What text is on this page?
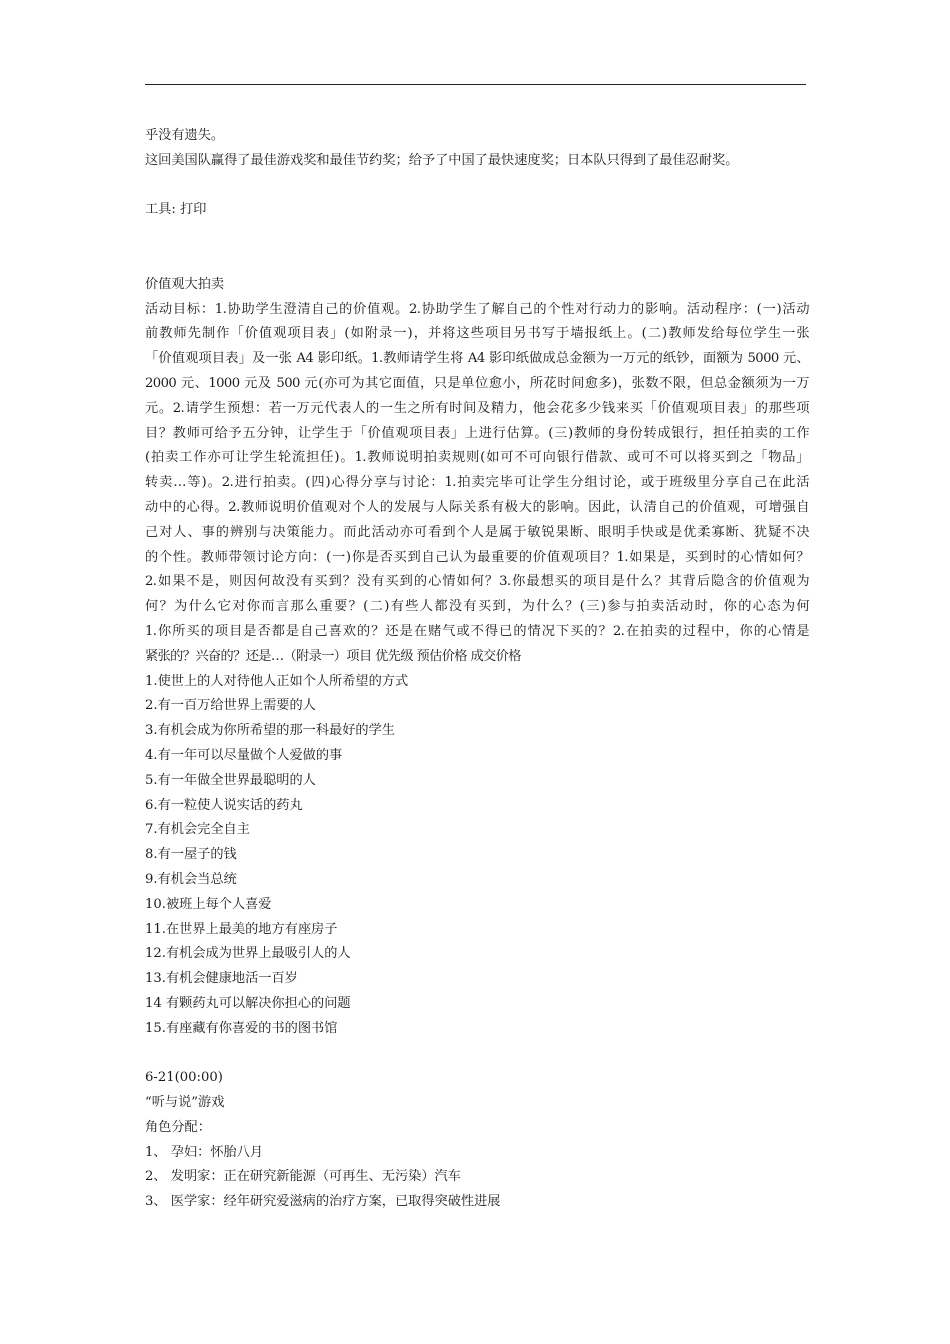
乎没有遗失。
这回美国队赢得了最佳游戏奖和最佳节约奖；给予了中国了最快速度奖；日本队只得到了最佳忍耐奖。
工具: 打印
价值观大拍卖
活动目标：1.协助学生澄清自己的价值观。2.协助学生了解自己的个性对行动力的影响。活动程序：(一)活动
前教师先制作「价值观项目表」(如附录一)，并将这些项目另书写于墙报纸上。(二)教师发给每位学生一张
「价值观项目表」及一张 A4 影印纸。1.教师请学生将 A4 影印纸做成总金额为一万元的纸钞，面额为 5000 元、
2000 元、1000 元及 500 元(亦可为其它面值，只是单位愈小，所花时间愈多)，张数不限，但总金额须为一万
元。2.请学生预想：若一万元代表人的一生之所有时间及精力，他会花多少钱来买「价值观项目表」的那些项
目？教师可给予五分钟，让学生于「价值观项目表」上进行估算。(三)教师的身份转成银行，担任拍卖的工作
(拍卖工作亦可让学生轮流担任)。1.教师说明拍卖规则(如可不可向银行借款、或可不可以将买到之「物品」
转卖…等)。2.进行拍卖。(四)心得分享与讨论：1.拍卖完毕可让学生分组讨论，或于班级里分享自己在此活
动中的心得。2.教师说明价值观对个人的发展与人际关系有极大的影响。因此，认清自己的价值观，可增强自
己对人、事的辨别与决策能力。而此活动亦可看到个人是属于敏锐果断、眼明手快或是优柔寡断、犹疑不决
的个性。教师带领讨论方向：(一)你是否买到自己认为最重要的价值观项目？1.如果是，买到时的心情如何？
2.如果不是，则因何故没有买到？没有买到的心情如何？3.你最想买的项目是什么？其背后隐含的价值观为
何？为什么它对你而言那么重要？(二)有些人都没有买到，为什么？(三)参与拍卖活动时，你的心态为何
1.你所买的项目是否都是自己喜欢的？还是在赌气或不得已的情况下买的？2.在拍卖的过程中，你的心情是
紧张的？兴奋的？还是…（附录一）项目 优先级 预估价格 成交价格
1.使世上的人对待他人正如个人所希望的方式
2.有一百万给世界上需要的人
3.有机会成为你所希望的那一科最好的学生
4.有一年可以尽量做个人爱做的事
5.有一年做全世界最聪明的人
6.有一粒使人说实话的药丸
7.有机会完全自主
8.有一屋子的钱
9.有机会当总统
10.被班上每个人喜爱
11.在世界上最美的地方有座房子
12.有机会成为世界上最吸引人的人
13.有机会健康地活一百岁
14 有颗药丸可以解决你担心的问题
15.有座藏有你喜爱的书的图书馆
6-21(00:00)
“听与说”游戏
角色分配：
1、 孕妇：怀胎八月
2、 发明家：正在研究新能源（可再生、无污染）汽车
3、 医学家：经年研究爱滋病的治疗方案，已取得突破性进展
